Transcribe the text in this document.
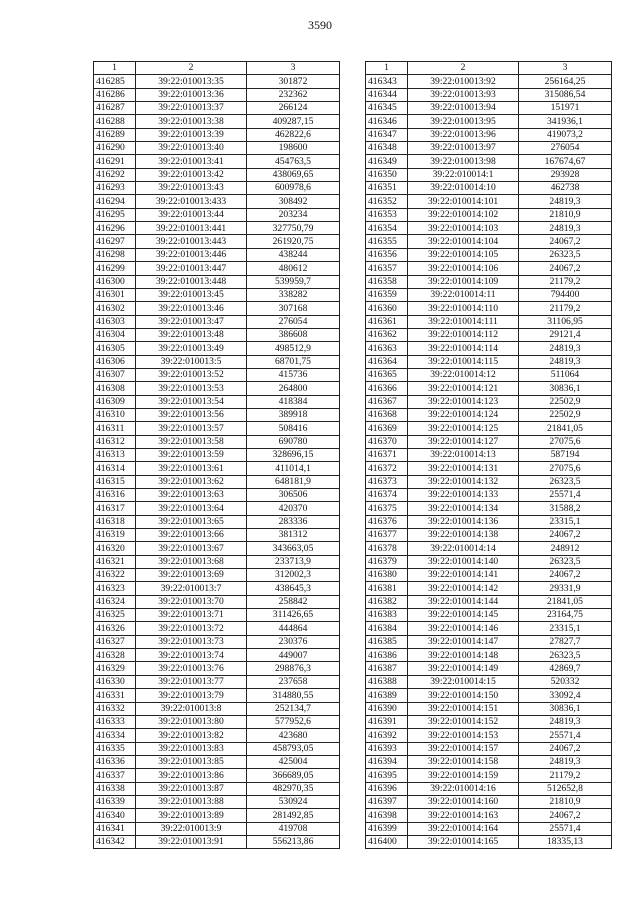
3590
1	2	3
416285	39:22:010013:35	301872
416286	39:22:010013:36	232362
416287	39:22:010013:37	266124
416288	39:22:010013:38	409287,15
416289	39:22:010013:39	462822,6
416290	39:22:010013:40	198600
416291	39:22:010013:41	454763,5
416292	39:22:010013:42	438069,65
416293	39:22:010013:43	600978,6
416294	39:22:010013:433	308492
416295	39:22:010013:44	203234
416296	39:22:010013:441	327750,79
416297	39:22:010013:443	261920,75
416298	39:22:010013:446	438244
416299	39:22:010013:447	480612
416300	39:22:010013:448	539959,7
416301	39:22:010013:45	338282
416302	39:22:010013:46	307168
416303	39:22:010013:47	276054
416304	39:22:010013:48	386608
416305	39:22:010013:49	498512,9
416306	39:22:010013:5	68701,75
416307	39:22:010013:52	415736
416308	39:22:010013:53	264800
416309	39:22:010013:54	418384
416310	39:22:010013:56	389918
416311	39:22:010013:57	508416
416312	39:22:010013:58	690780
416313	39:22:010013:59	328696,15
416314	39:22:010013:61	411014,1
416315	39:22:010013:62	648181,9
416316	39:22:010013:63	306506
416317	39:22:010013:64	420370
416318	39:22:010013:65	283336
416319	39:22:010013:66	381312
416320	39:22:010013:67	343663,05
416321	39:22:010013:68	233713,9
416322	39:22:010013:69	312002,3
416323	39:22:010013:7	438645,3
416324	39:22:010013:70	258842
416325	39:22:010013:71	311426,65
416326	39:22:010013:72	444864
416327	39:22:010013:73	230376
416328	39:22:010013:74	449007
416329	39:22:010013:76	298876,3
416330	39:22:010013:77	237658
416331	39:22:010013:79	314880,55
416332	39:22:010013:8	252134,7
416333	39:22:010013:80	577952,6
416334	39:22:010013:82	423680
416335	39:22:010013:83	458793,05
416336	39:22:010013:85	425004
416337	39:22:010013:86	366689,05
416338	39:22:010013:87	482970,35
416339	39:22:010013:88	530924
416340	39:22:010013:89	281492,85
416341	39:22:010013:9	419708
416342	39:22:010013:91	556213,86
1	2	3
416343	39:22:010013:92	256164,25
416344	39:22:010013:93	315086,54
416345	39:22:010013:94	151971
416346	39:22:010013:95	341936,1
416347	39:22:010013:96	419073,2
416348	39:22:010013:97	276054
416349	39:22:010013:98	167674,67
416350	39:22:010014:1	293928
416351	39:22:010014:10	462738
416352	39:22:010014:101	24819,3
416353	39:22:010014:102	21810,9
416354	39:22:010014:103	24819,3
416355	39:22:010014:104	24067,2
416356	39:22:010014:105	26323,5
416357	39:22:010014:106	24067,2
416358	39:22:010014:109	21179,2
416359	39:22:010014:11	794400
416360	39:22:010014:110	21179,2
416361	39:22:010014:111	31106,95
416362	39:22:010014:112	29121,4
416363	39:22:010014:114	24819,3
416364	39:22:010014:115	24819,3
416365	39:22:010014:12	511064
416366	39:22:010014:121	30836,1
416367	39:22:010014:123	22502,9
416368	39:22:010014:124	22502,9
416369	39:22:010014:125	21841,05
416370	39:22:010014:127	27075,6
416371	39:22:010014:13	587194
416372	39:22:010014:131	27075,6
416373	39:22:010014:132	26323,5
416374	39:22:010014:133	25571,4
416375	39:22:010014:134	31588,2
416376	39:22:010014:136	23315,1
416377	39:22:010014:138	24067,2
416378	39:22:010014:14	248912
416379	39:22:010014:140	26323,5
416380	39:22:010014:141	24067,2
416381	39:22:010014:142	29331,9
416382	39:22:010014:144	21841,05
416383	39:22:010014:145	23164,75
416384	39:22:010014:146	23315,1
416385	39:22:010014:147	27827,7
416386	39:22:010014:148	26323,5
416387	39:22:010014:149	42869,7
416388	39:22:010014:15	520332
416389	39:22:010014:150	33092,4
416390	39:22:010014:151	30836,1
416391	39:22:010014:152	24819,3
416392	39:22:010014:153	25571,4
416393	39:22:010014:157	24067,2
416394	39:22:010014:158	24819,3
416395	39:22:010014:159	21179,2
416396	39:22:010014:16	512652,8
416397	39:22:010014:160	21810,9
416398	39:22:010014:163	24067,2
416399	39:22:010014:164	25571,4
416400	39:22:010014:165	18335,13
